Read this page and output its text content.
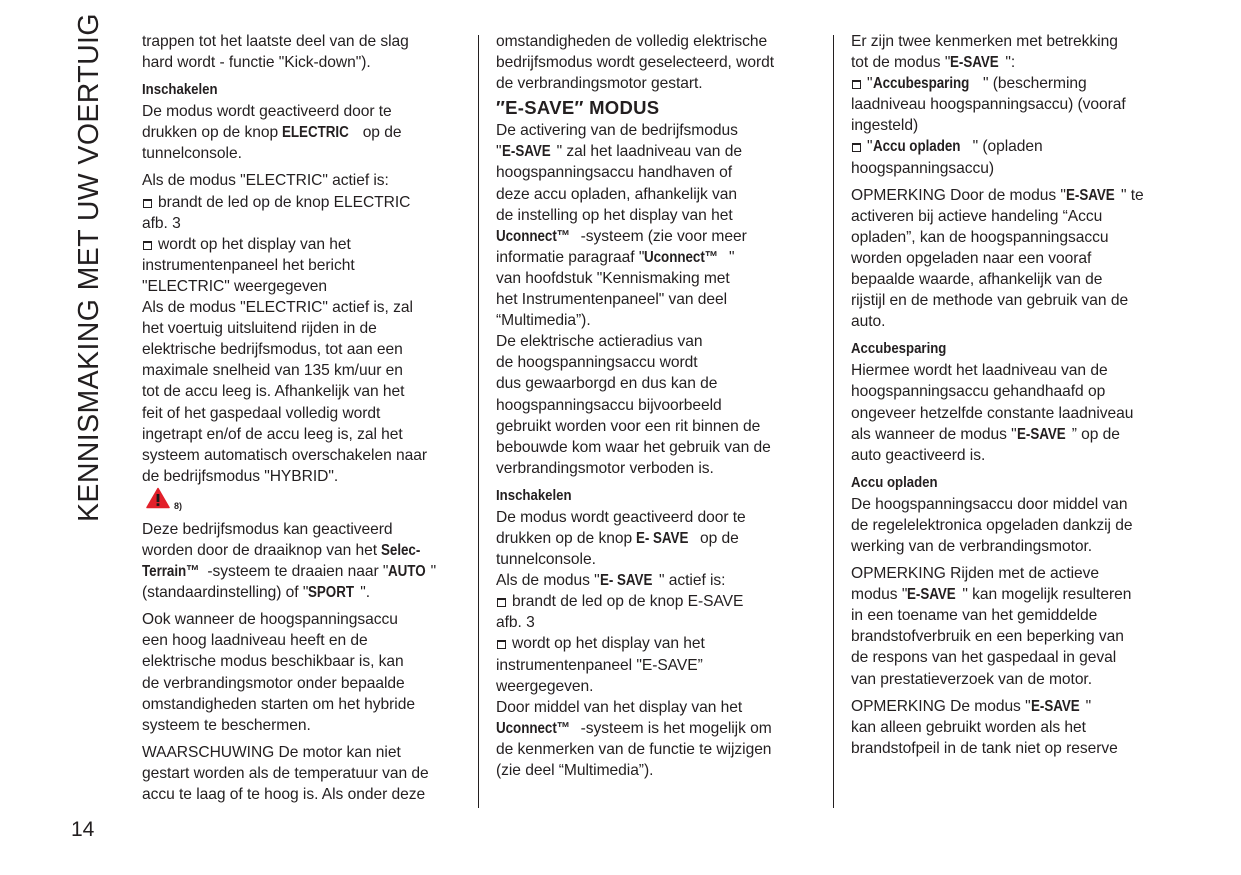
KENNISMAKING MET UW VOERTUIG
14
trappen tot het laatste deel van de slag
hard wordt - functie "Kick-down").
Inschakelen
De modus wordt geactiveerd door te
drukken op de knop ELECTRIC op de
tunnelconsole.
Als de modus "ELECTRIC" actief is:
brandt de led op de knop ELECTRIC
afb. 3
wordt op het display van het
instrumentenpaneel het bericht
"ELECTRIC" weergegeven
Als de modus "ELECTRIC" actief is, zal
het voertuig uitsluitend rijden in de
elektrische bedrijfsmodus, tot aan een
maximale snelheid van 135 km/uur en
tot de accu leeg is. Afhankelijk van het
feit of het gaspedaal volledig wordt
ingetrapt en/of de accu leeg is, zal het
systeem automatisch overschakelen naar
de bedrijfsmodus "HYBRID".
8)
Deze bedrijfsmodus kan geactiveerd
worden door de draaiknop van het Selec-
Terrain™ -systeem te draaien naar "AUTO "
(standaardinstelling) of "SPORT ".
Ook wanneer de hoogspanningsaccu
een hoog laadniveau heeft en de
elektrische modus beschikbaar is, kan
de verbrandingsmotor onder bepaalde
omstandigheden starten om het hybride
systeem te beschermen.
WAARSCHUWING De motor kan niet
gestart worden als de temperatuur van de
accu te laag of te hoog is. Als onder deze
omstandigheden de volledig elektrische
bedrijfsmodus wordt geselecteerd, wordt
de verbrandingsmotor gestart.
″E-SAVE″ MODUS
De activering van de bedrijfsmodus
"E-SAVE " zal het laadniveau van de
hoogspanningsaccu handhaven of
deze accu opladen, afhankelijk van
de instelling op het display van het
Uconnect™ -systeem (zie voor meer
informatie paragraaf "Uconnect™ "
van hoofdstuk "Kennismaking met
het Instrumentenpaneel" van deel
“Multimedia”).
De elektrische actieradius van
de hoogspanningsaccu wordt
dus gewaarborgd en dus kan de
hoogspanningsaccu bijvoorbeeld
gebruikt worden voor een rit binnen de
bebouwde kom waar het gebruik van de
verbrandingsmotor verboden is.
Inschakelen
De modus wordt geactiveerd door te
drukken op de knop E- SAVE op de
tunnelconsole.
Als de modus "E- SAVE " actief is:
brandt de led op de knop E-SAVE
afb. 3
wordt op het display van het
instrumentenpaneel "E-SAVE”
weergegeven.
Door middel van het display van het
Uconnect™ -systeem is het mogelijk om
de kenmerken van de functie te wijzigen
(zie deel “Multimedia”).
Er zijn twee kenmerken met betrekking
tot de modus "E-SAVE ":
"Accubesparing " (bescherming
laadniveau hoogspanningsaccu) (vooraf
ingesteld)
"Accu opladen " (opladen
hoogspanningsaccu)
OPMERKING Door de modus "E-SAVE " te
activeren bij actieve handeling “Accu
opladen”, kan de hoogspanningsaccu
worden opgeladen naar een vooraf
bepaalde waarde, afhankelijk van de
rijstijl en de methode van gebruik van de
auto.
Accubesparing
Hiermee wordt het laadniveau van de
hoogspanningsaccu gehandhaafd op
ongeveer hetzelfde constante laadniveau
als wanneer de modus "E-SAVE ” op de
auto geactiveerd is.
Accu opladen
De hoogspanningsaccu door middel van
de regelelektronica opgeladen dankzij de
werking van de verbrandingsmotor.
OPMERKING Rijden met de actieve
modus "E-SAVE " kan mogelijk resulteren
in een toename van het gemiddelde
brandstofverbruik en een beperking van
de respons van het gaspedaal in geval
van prestatieverzoek van de motor.
OPMERKING De modus "E-SAVE "
kan alleen gebruikt worden als het
brandstofpeil in de tank niet op reserve
